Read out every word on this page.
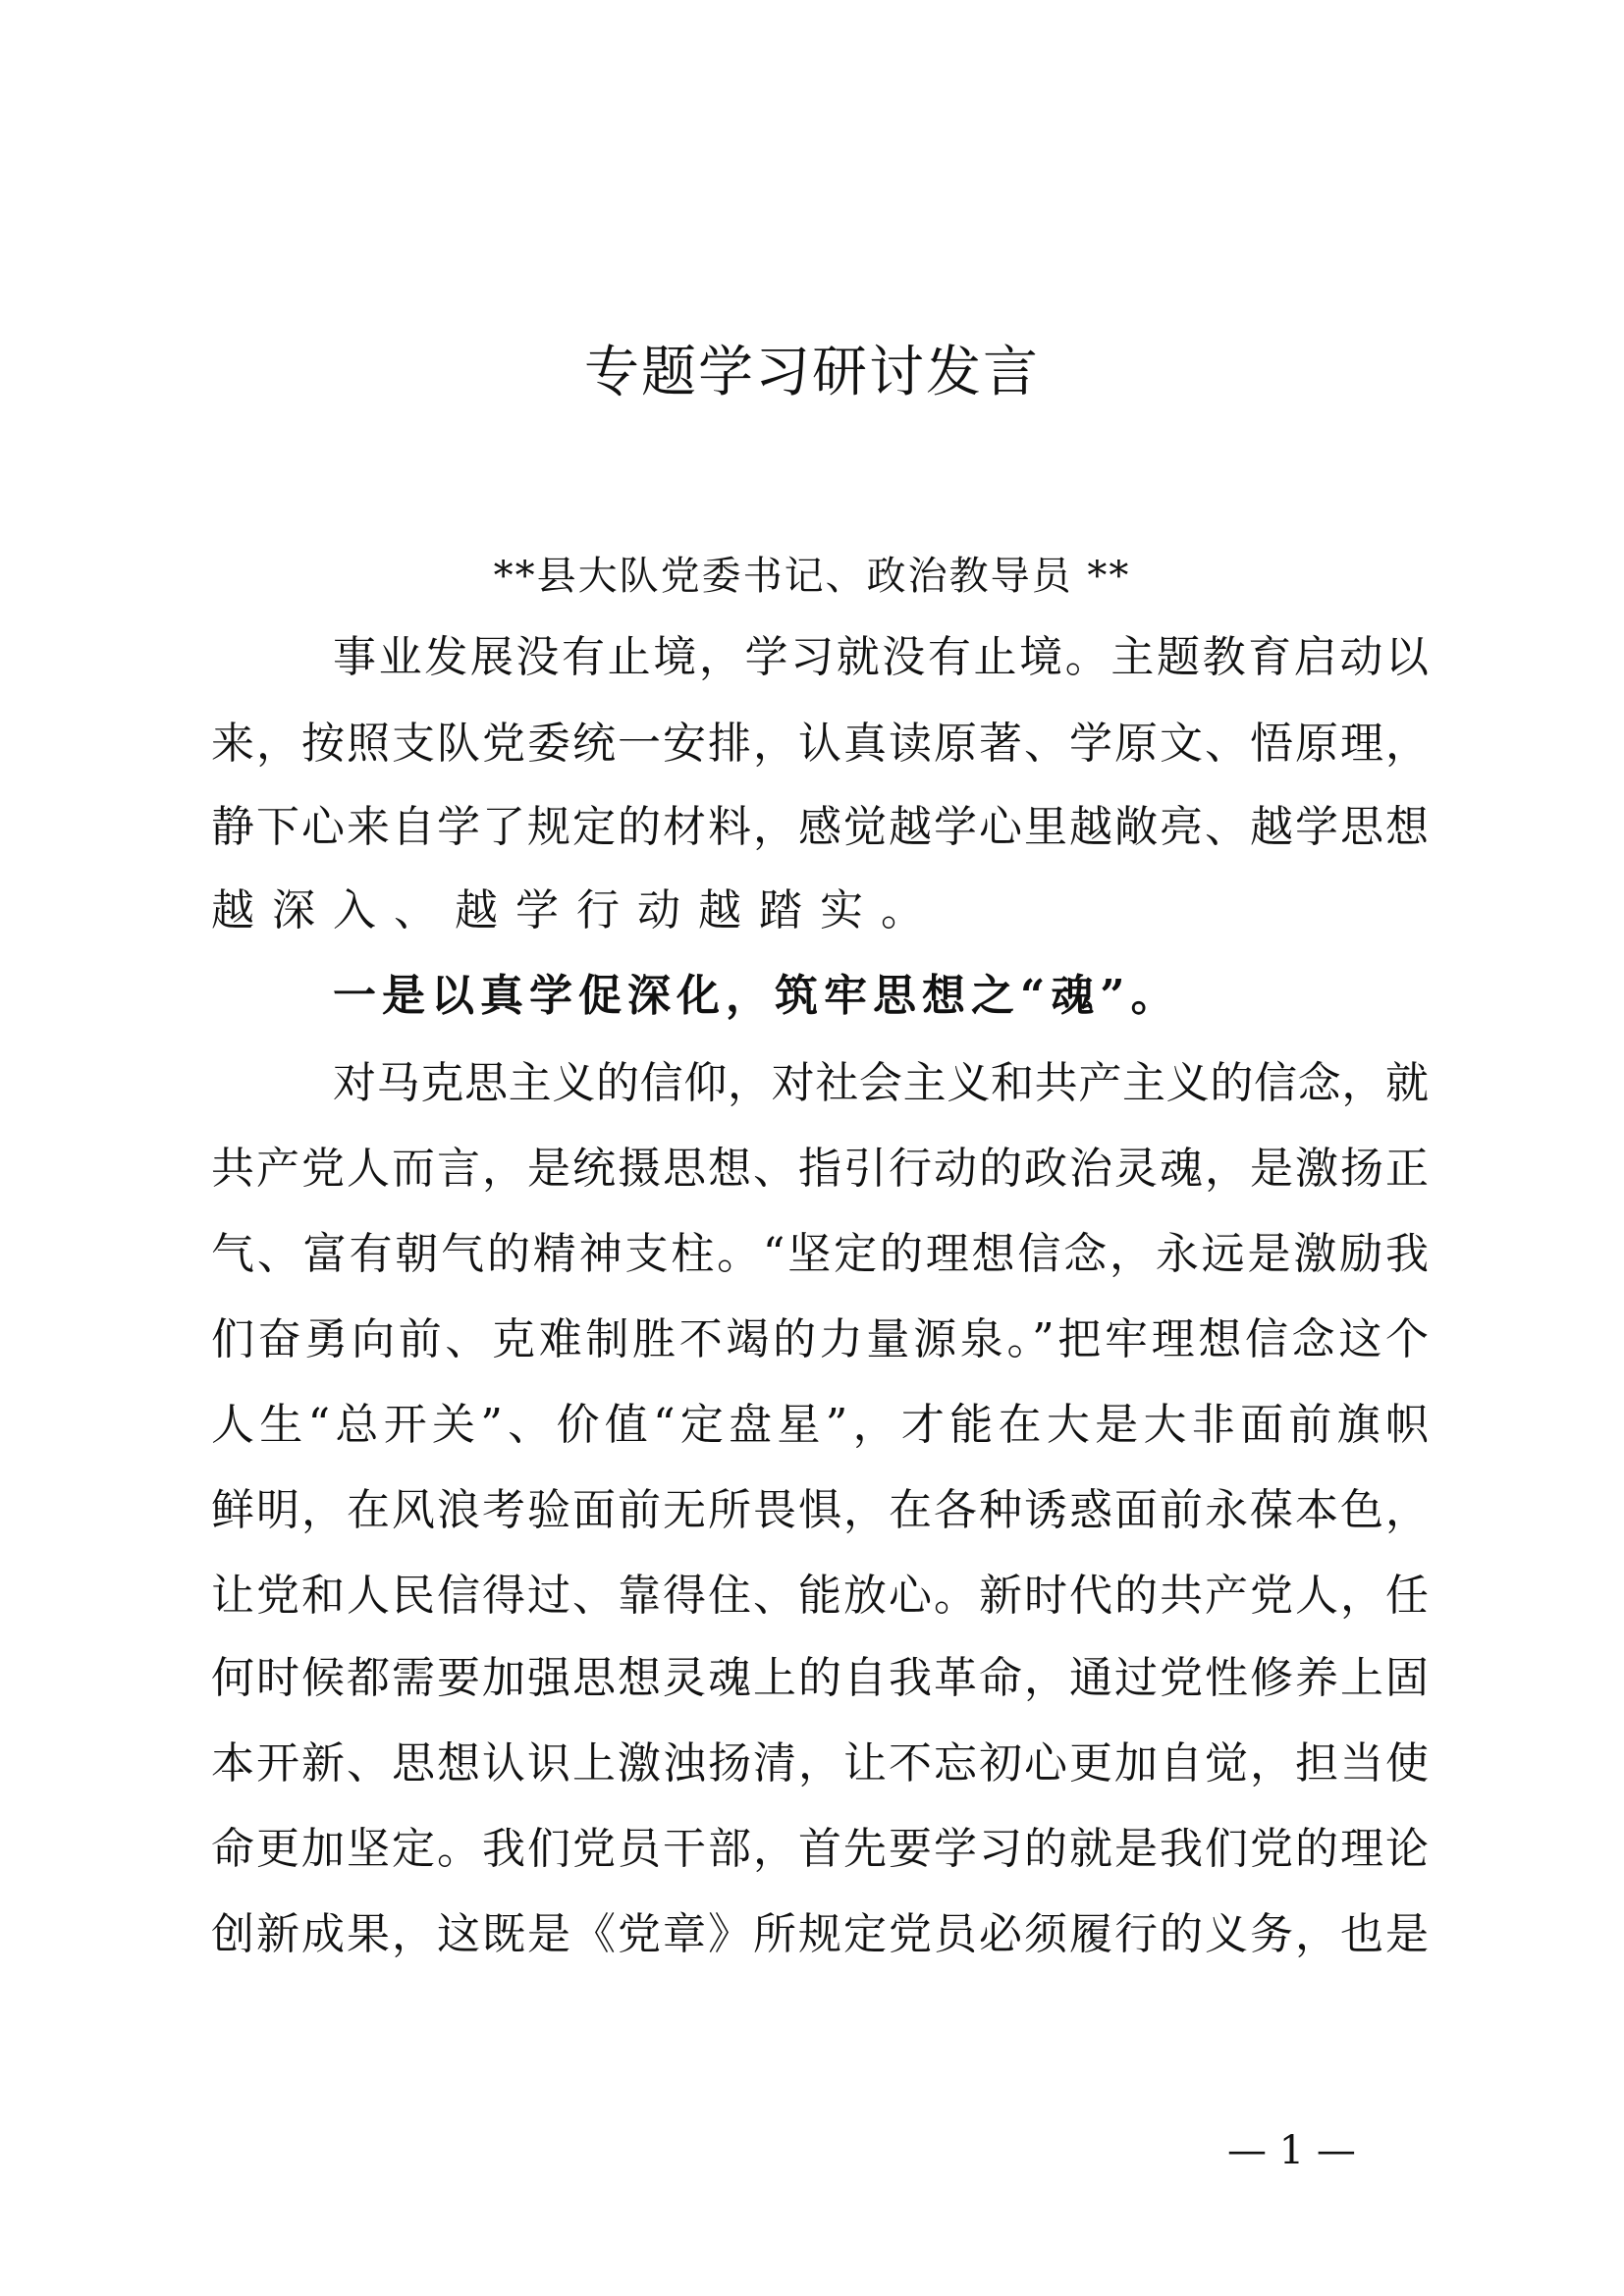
专题学习研讨发言
**县大队党委书记、政治教导员 **
事业发展没有止境，学习就没有止境。主题教育启动以
来，按照支队党委统一安排，认真读原著、学原文、悟原理，
静下心来自学了规定的材料，感觉越学心里越敞亮、越学思想
越深入、越学行动越踏实。
一是以真学促深化，筑牢思想之“魂”。
对马克思主义的信仰，对社会主义和共产主义的信念，就
共产党人而言，是统摄思想、指引行动的政治灵魂，是激扬正
气、富有朝气的精神支柱。“坚定的理想信念，永远是激励我
们奋勇向前、克难制胜不竭的力量源泉。”把牢理想信念这个
人生“总开关”、价值“定盘星”，才能在大是大非面前旗帜
鲜明，在风浪考验面前无所畏惧，在各种诱惑面前永葆本色，
让党和人民信得过、靠得住、能放心。新时代的共产党人，任
何时候都需要加强思想灵魂上的自我革命，通过党性修养上固
本开新、思想认识上激浊扬清，让不忘初心更加自觉，担当使
命更加坚定。我们党员干部，首先要学习的就是我们党的理论
创新成果，这既是《党章》所规定党员必须履行的义务，也是
— 1 —
